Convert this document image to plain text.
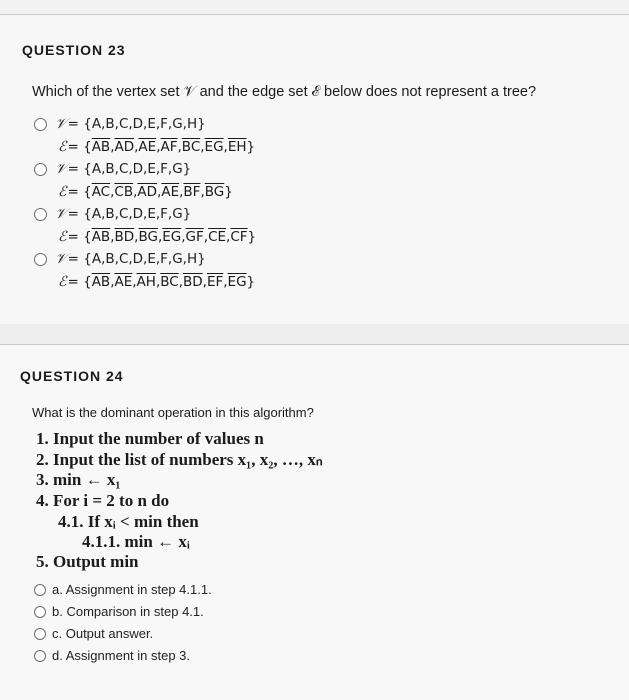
QUESTION 23
Which of the vertex set 𝒱 and the edge set ℰ below does not represent a tree?
𝒱 = {A,B,C,D,E,F,G,H}
ℰ= $\{\overline{AB},\overline{AD},\overline{AE},\overline{AF},\overline{BC},\overline{EG},\overline{EH}\}$
𝒱 = {A,B,C,D,E,F,G}
ℰ= $\{\overline{AC},\overline{CB},\overline{AD},\overline{AE},\overline{BF},\overline{BG}\}$
𝒱 = {A,B,C,D,E,F,G}
ℰ= $\{\overline{AB},\overline{BD},\overline{BG},\overline{EG},\overline{GF},\overline{CE},\overline{CF}\}$
𝒱 = {A,B,C,D,E,F,G,H}
ℰ= $\{\overline{AB},\overline{AE},\overline{AH},\overline{BC},\overline{BD},\overline{EF},\overline{EG}\}$
QUESTION 24
What is the dominant operation in this algorithm?
1. Input the number of values n
2. Input the list of numbers x₁, x₂, …, xₙ
3. min ← x₁
4. For i = 2 to n do
4.1. If xᵢ < min then
4.1.1. min ← xᵢ
5. Output min
a. Assignment in step 4.1.1.
b. Comparison in step 4.1.
c. Output answer.
d. Assignment in step 3.
